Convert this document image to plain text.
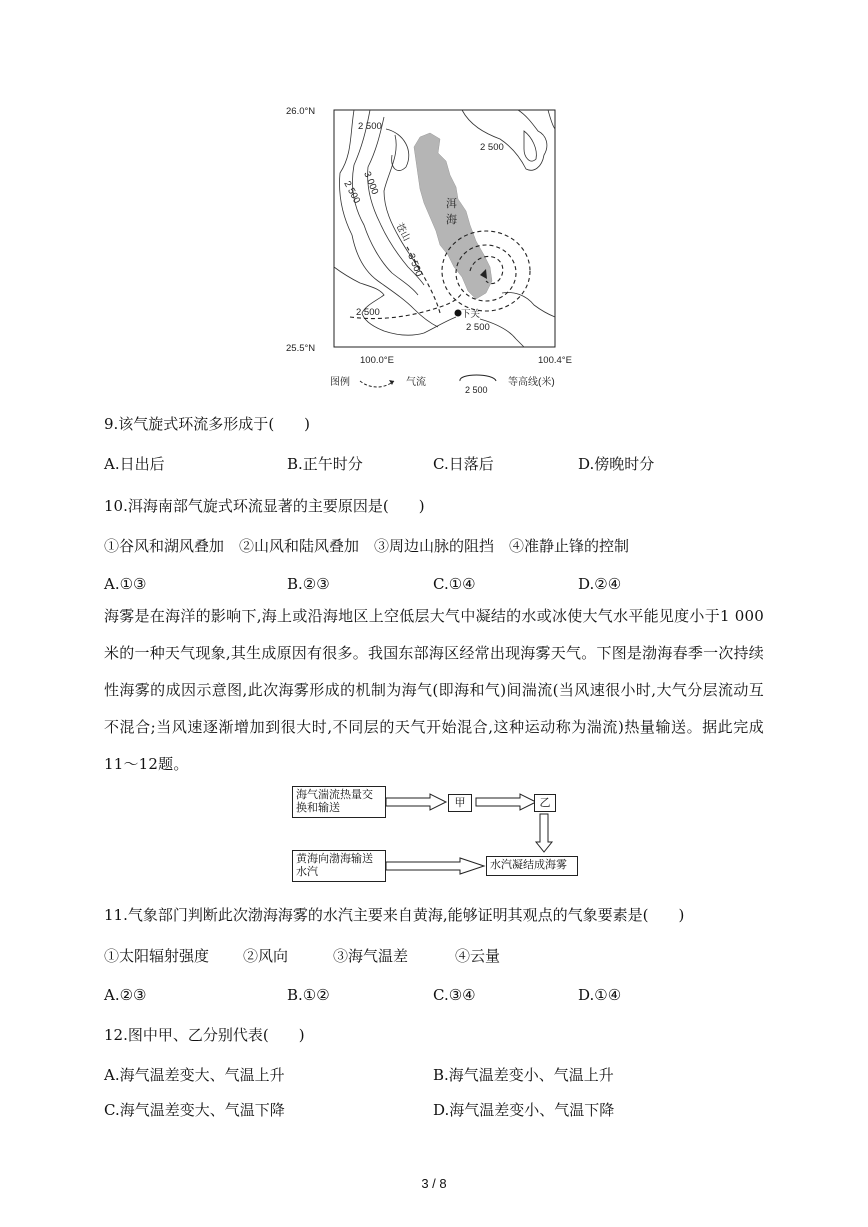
26.0°N
25.5°N
100.0°E	100.4°E
洱
海
苍山
下关
2 500
2 500
3 000
2 500
3 500
2 500
2 500
图例	气流
2 500
等高线(米)
9.该气旋式环流多形成于(　　)
A.日出后	B.正午时分	C.日落后	D.傍晚时分
10.洱海南部气旋式环流显著的主要原因是(　　)
①谷风和湖风叠加　②山风和陆风叠加　③周边山脉的阻挡　④准静止锋的控制
A.①③	B.②③	C.①④	D.②④
海雾是在海洋的影响下,海上或沿海地区上空低层大气中凝结的水或冰使大气水平能见度小于1 000米的一种天气现象,其生成原因有很多。我国东部海区经常出现海雾天气。下图是渤海春季一次持续性海雾的成因示意图,此次海雾形成的机制为海气(即海和气)间湍流(当风速很小时,大气分层流动互不混合;当风速逐渐增加到很大时,不同层的天气开始混合,这种运动称为湍流)热量输送。据此完成11～12题。
海气湍流热量交换和输送	甲	乙
黄海向渤海输送水汽
水汽凝结成海雾
11.气象部门判断此次渤海海雾的水汽主要来自黄海,能够证明其观点的气象要素是(　　)
①太阳辐射强度 ②风向	③海气温差	④云量
A.②③	B.①②	C.③④	D.①④
12.图中甲、乙分别代表(　　)
A.海气温差变大、气温上升	B.海气温差变小、气温上升
C.海气温差变大、气温下降	D.海气温差变小、气温下降
3 / 8
